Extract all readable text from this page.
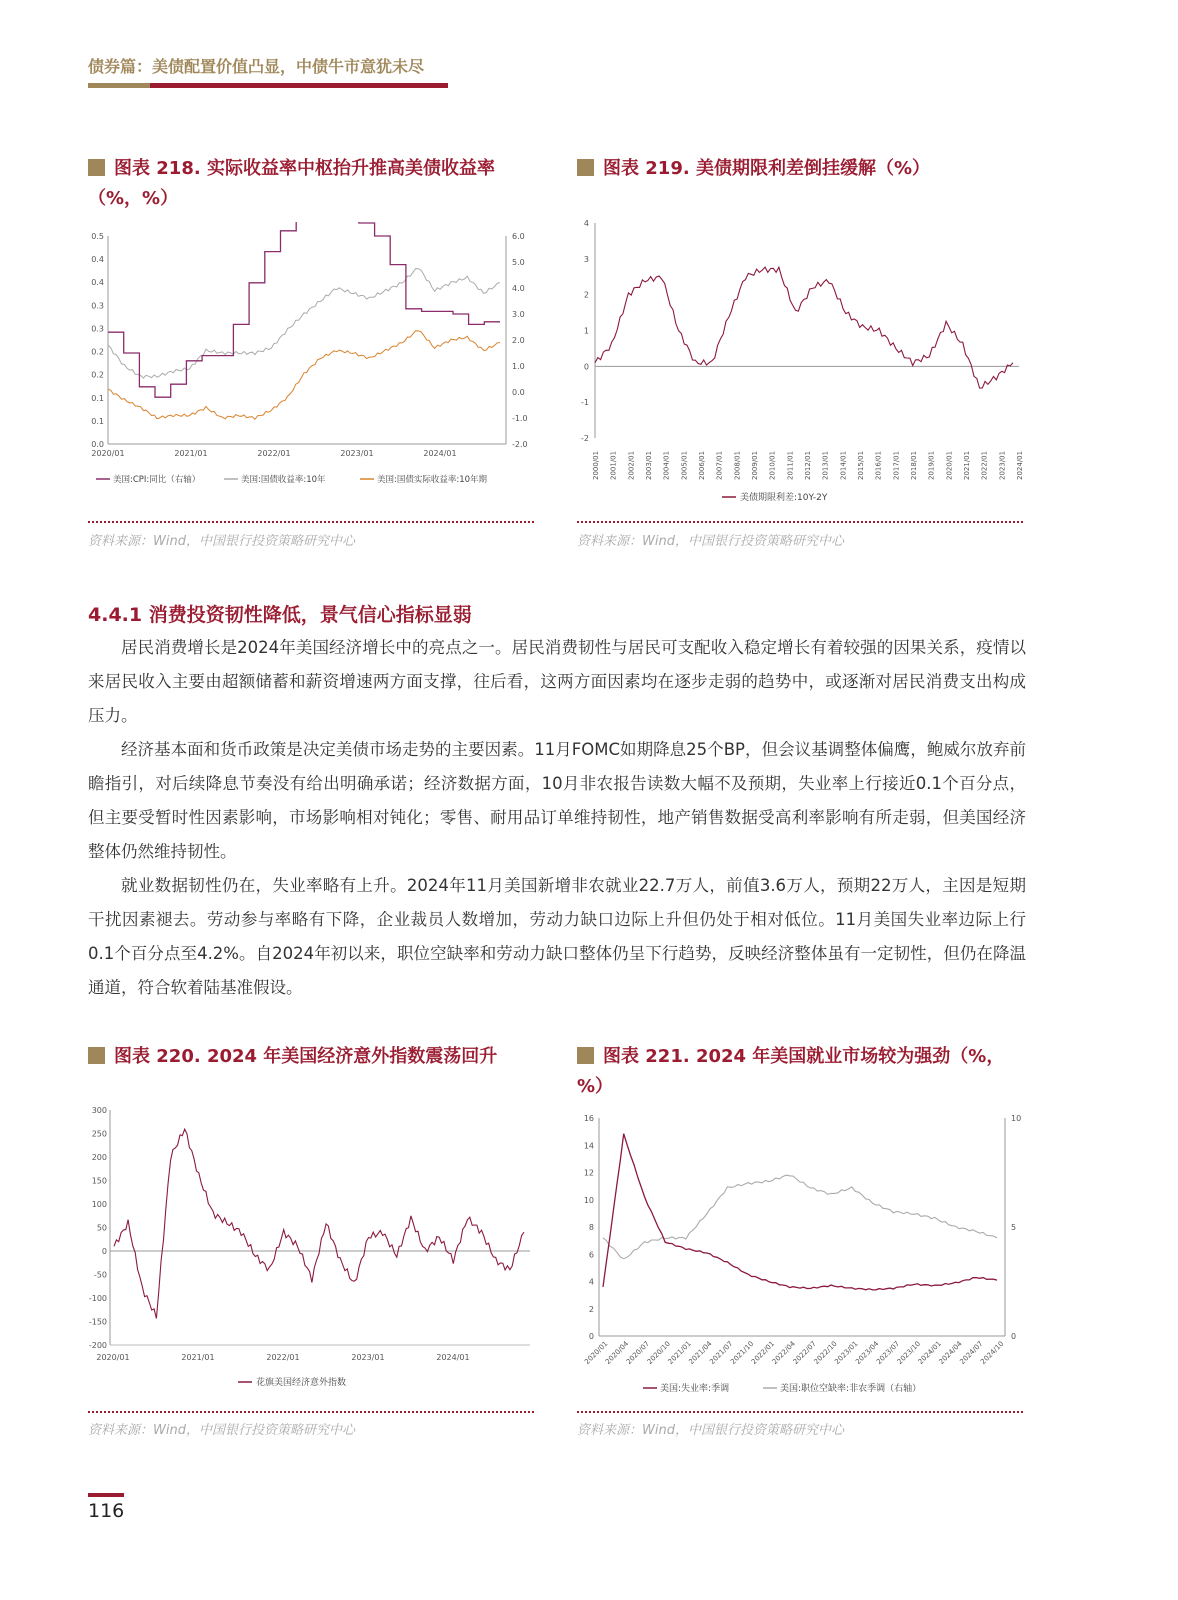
债券篇：美债配置价值凸显，中债牛市意犹未尽
图表 218. 实际收益率中枢抬升推高美债收益率
（%，%）
0.5
0.4
0.4
0.3
0.3
0.2
0.2
0.1
0.1
0.0
6.0
5.0
4.0
3.0
2.0
1.0
0.0
-1.0
-2.0
2020/01	2021/01	2022/01	2023/01	2024/01
美国:CPI:同比（右轴）	美国:国债收益率:10年	美国:国债实际收益率:10年期
资料来源：Wind，中国银行投资策略研究中心
图表 219. 美债期限利差倒挂缓解（%）
4
3
2
1
0
-1
-2
2000/01 2001/01 2002/01 2003/01 2004/01 2005/01 2006/01 2007/01 2008/01 2009/01 2010/01 2011/01 2012/01 2013/01 2014/01 2015/01 2016/01 2017/01 2018/01 2019/01 2020/01 2021/01 2022/01 2023/01 2024/01
美债期限利差:10Y-2Y
资料来源：Wind，中国银行投资策略研究中心
4.4.1 消费投资韧性降低，景气信心指标显弱

居民消费增长是2024年美国经济增长中的亮点之一。居民消费韧性与居民可支配收入稳定增长有着较强的因果关系，疫情以来居民收入主要由超额储蓄和薪资增速两方面支撑，往后看，这两方面因素均在逐步走弱的趋势中，或逐渐对居民消费支出构成压力。

经济基本面和货币政策是决定美债市场走势的主要因素。11月FOMC如期降息25个BP，但会议基调整体偏鹰，鲍威尔放弃前瞻指引，对后续降息节奏没有给出明确承诺；经济数据方面，10月非农报告读数大幅不及预期，失业率上行接近0.1个百分点，但主要受暂时性因素影响，市场影响相对钝化；零售、耐用品订单维持韧性，地产销售数据受高利率影响有所走弱，但美国经济整体仍然维持韧性。

就业数据韧性仍在，失业率略有上升。2024年11月美国新增非农就业22.7万人，前值3.6万人，预期22万人，主因是短期干扰因素褪去。劳动参与率略有下降，企业裁员人数增加，劳动力缺口边际上升但仍处于相对低位。11月美国失业率边际上行0.1个百分点至4.2%。自2024年初以来，职位空缺率和劳动力缺口整体仍呈下行趋势，反映经济整体虽有一定韧性，但仍在降温通道，符合软着陆基准假设。

图表 220. 2024 年美国经济意外指数震荡回升
300
250
200
150
100
50
0
-50
-100
-150
-200
2020/01	2021/01	2022/01	2023/01	2024/01
花旗美国经济意外指数
资料来源：Wind，中国银行投资策略研究中心
图表 221. 2024 年美国就业市场较为强劲（%，
%）
16
14
12
10
8
6
4
2
0
10
5
0
2020/01
2020/04
2020/07
2020/10
2021/01
2021/04
2021/07
2021/10
2022/01
2022/04
2022/07
2022/10
2023/01
2023/04
2023/07
2023/10
2024/01
2024/04
2024/07
2024/10
美国:失业率:季调	美国:职位空缺率:非农季调（右轴）
资料来源：Wind，中国银行投资策略研究中心
116
